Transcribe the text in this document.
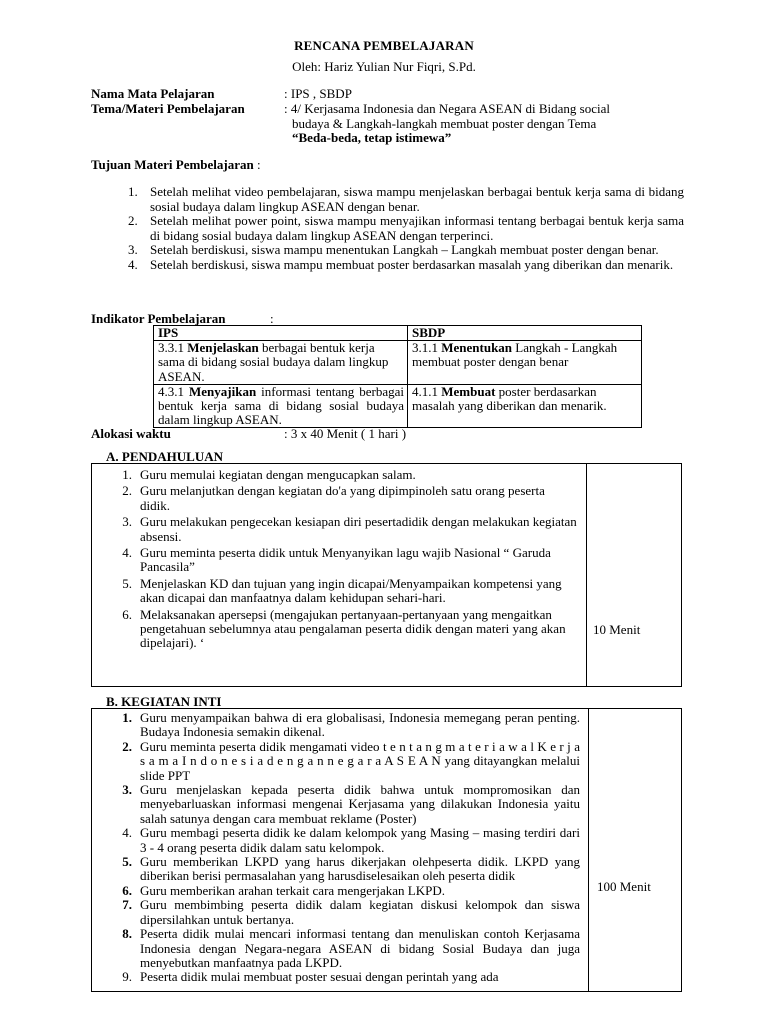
RENCANA PEMBELAJARAN
Oleh: Hariz Yulian Nur Fiqri, S.Pd.
Nama Mata Pelajaran	: IPS , SBDP
Tema/Materi Pembelajaran	: 4/ Kerjasama Indonesia dan Negara ASEAN di Bidang social
budaya & Langkah-langkah membuat poster dengan Tema
“Beda-beda, tetap istimewa”
Tujuan Materi Pembelajaran :
1. Setelah melihat video pembelajaran, siswa mampu menjelaskan berbagai bentuk kerja sama di bidang sosial budaya dalam lingkup ASEAN dengan benar.
2. Setelah melihat power point, siswa mampu menyajikan informasi tentang berbagai bentuk kerja sama di bidang sosial budaya dalam lingkup ASEAN dengan terperinci.
3. Setelah berdiskusi, siswa mampu menentukan Langkah – Langkah membuat poster dengan benar.
4. Setelah berdiskusi, siswa mampu membuat poster berdasarkan masalah yang diberikan dan menarik.
Indikator Pembelajaran	:
IPS	SBDP
3.3.1 Menjelaskan berbagai bentuk kerja sama di bidang sosial budaya dalam lingkup ASEAN.	3.1.1 Menentukan Langkah - Langkah membuat poster dengan benar
4.3.1 Menyajikan informasi tentang berbagai bentuk kerja sama di bidang sosial budaya dalam lingkup ASEAN.	4.1.1 Membuat poster berdasarkan masalah yang diberikan dan menarik.
Alokasi waktu	: 3 x 40 Menit ( 1 hari )
A. PENDAHULUAN
1. Guru memulai kegiatan dengan mengucapkan salam.
2. Guru melanjutkan dengan kegiatan do'a yang dipimpinoleh satu orang peserta didik.
3. Guru melakukan pengecekan kesiapan diri pesertadidik dengan melakukan kegiatan absensi.
4. Guru meminta peserta didik untuk Menyanyikan lagu wajib Nasional “ Garuda Pancasila”
5. Menjelaskan KD dan tujuan yang ingin dicapai/Menyampaikan kompetensi yang akan dicapai dan manfaatnya dalam kehidupan sehari-hari.
6. Melaksanakan apersepsi (mengajukan pertanyaan-pertanyaan yang mengaitkan pengetahuan sebelumnya atau pengalaman peserta didik dengan materi yang akan dipelajari). ‘
10 Menit
B. KEGIATAN INTI
1. Guru menyampaikan bahwa di era globalisasi, Indonesia memegang peran penting. Budaya Indonesia semakin dikenal.
2. Guru meminta peserta didik mengamati video t e n t a n g m a t e r i a w a l K e r j a s a m a I n d o n e s i a d e n g a n n e g a r a A S E A N yang ditayangkan melalui slide PPT
3. Guru menjelaskan kepada peserta didik bahwa untuk mompromosikan dan menyebarluaskan informasi mengenai Kerjasama yang dilakukan Indonesia yaitu salah satunya dengan cara membuat reklame (Poster)
4. Guru membagi peserta didik ke dalam kelompok yang Masing – masing terdiri dari 3 - 4 orang peserta didik dalam satu kelompok.
5. Guru memberikan LKPD yang harus dikerjakan olehpeserta didik. LKPD yang diberikan berisi permasalahan yang harusdiselesaikan oleh peserta didik
6. Guru memberikan arahan terkait cara mengerjakan LKPD.
7. Guru membimbing peserta didik dalam kegiatan diskusi kelompok dan siswa dipersilahkan untuk bertanya.
8. Peserta didik mulai mencari informasi tentang dan menuliskan contoh Kerjasama Indonesia dengan Negara-negara ASEAN di bidang Sosial Budaya dan juga menyebutkan manfaatnya pada LKPD.
9. Peserta didik mulai membuat poster sesuai dengan perintah yang ada
100 Menit
